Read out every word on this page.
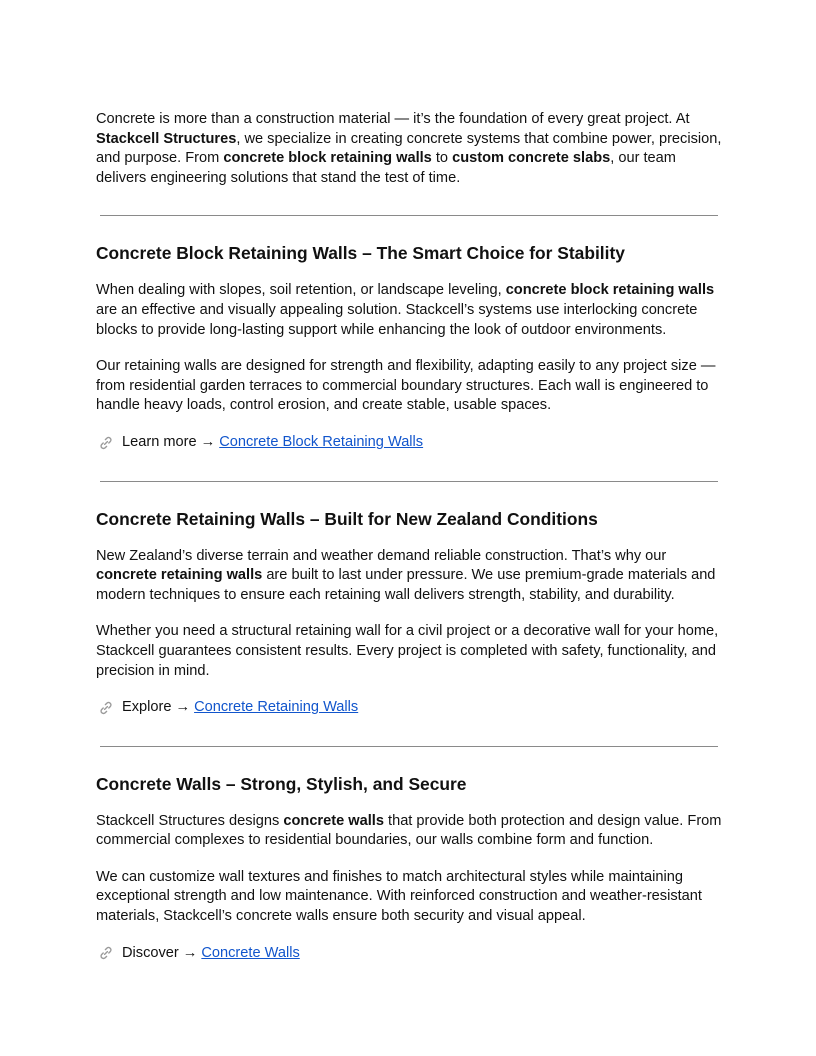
Concrete is more than a construction material — it’s the foundation of every great project. At Stackcell Structures, we specialize in creating concrete systems that combine power, precision, and purpose. From concrete block retaining walls to custom concrete slabs, our team delivers engineering solutions that stand the test of time.

Concrete Block Retaining Walls – The Smart Choice for Stability

When dealing with slopes, soil retention, or landscape leveling, concrete block retaining walls are an effective and visually appealing solution. Stackcell’s systems use interlocking concrete blocks to provide long-lasting support while enhancing the look of outdoor environments.

Our retaining walls are designed for strength and flexibility, adapting easily to any project size — from residential garden terraces to commercial boundary structures. Each wall is engineered to handle heavy loads, control erosion, and create stable, usable spaces.

Learn more → Concrete Block Retaining Walls
Concrete Retaining Walls – Built for New Zealand Conditions

New Zealand’s diverse terrain and weather demand reliable construction. That’s why our concrete retaining walls are built to last under pressure. We use premium-grade materials and modern techniques to ensure each retaining wall delivers strength, stability, and durability.

Whether you need a structural retaining wall for a civil project or a decorative wall for your home, Stackcell guarantees consistent results. Every project is completed with safety, functionality, and precision in mind.

Explore → Concrete Retaining Walls
Concrete Walls – Strong, Stylish, and Secure

Stackcell Structures designs concrete walls that provide both protection and design value. From commercial complexes to residential boundaries, our walls combine form and function.

We can customize wall textures and finishes to match architectural styles while maintaining exceptional strength and low maintenance. With reinforced construction and weather-resistant materials, Stackcell’s concrete walls ensure both security and visual appeal.

Discover → Concrete Walls
